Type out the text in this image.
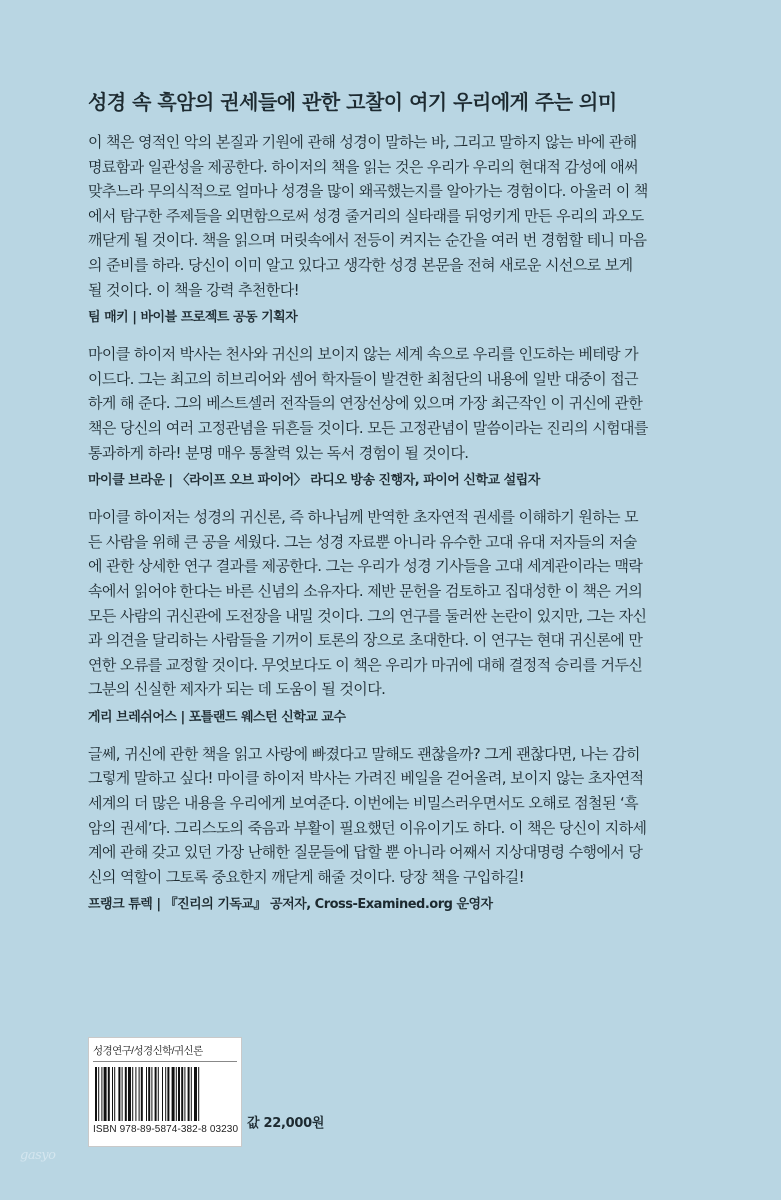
성경 속 흑암의 권세들에 관한 고찰이 여기 우리에게 주는 의미
이 책은 영적인 악의 본질과 기원에 관해 성경이 말하는 바, 그리고 말하지 않는 바에 관해
명료함과 일관성을 제공한다. 하이저의 책을 읽는 것은 우리가 우리의 현대적 감성에 애써
맞추느라 무의식적으로 얼마나 성경을 많이 왜곡했는지를 알아가는 경험이다. 아울러 이 책
에서 탐구한 주제들을 외면함으로써 성경 줄거리의 실타래를 뒤엉키게 만든 우리의 과오도
깨닫게 될 것이다. 책을 읽으며 머릿속에서 전등이 켜지는 순간을 여러 번 경험할 테니 마음
의 준비를 하라. 당신이 이미 알고 있다고 생각한 성경 본문을 전혀 새로운 시선으로 보게
될 것이다. 이 책을 강력 추천한다!
팀 매키 | 바이블 프로젝트 공동 기획자
마이클 하이저 박사는 천사와 귀신의 보이지 않는 세계 속으로 우리를 인도하는 베테랑 가
이드다. 그는 최고의 히브리어와 셈어 학자들이 발견한 최첨단의 내용에 일반 대중이 접근
하게 해 준다. 그의 베스트셀러 전작들의 연장선상에 있으며 가장 최근작인 이 귀신에 관한
책은 당신의 여러 고정관념을 뒤흔들 것이다. 모든 고정관념이 말씀이라는 진리의 시험대를
통과하게 하라! 분명 매우 통찰력 있는 독서 경험이 될 것이다.
마이클 브라운 | 〈라이프 오브 파이어〉 라디오 방송 진행자, 파이어 신학교 설립자
마이클 하이저는 성경의 귀신론, 즉 하나님께 반역한 초자연적 권세를 이해하기 원하는 모
든 사람을 위해 큰 공을 세웠다. 그는 성경 자료뿐 아니라 유수한 고대 유대 저자들의 저술
에 관한 상세한 연구 결과를 제공한다. 그는 우리가 성경 기사들을 고대 세계관이라는 맥락
속에서 읽어야 한다는 바른 신념의 소유자다. 제반 문헌을 검토하고 집대성한 이 책은 거의
모든 사람의 귀신관에 도전장을 내밀 것이다. 그의 연구를 둘러싼 논란이 있지만, 그는 자신
과 의견을 달리하는 사람들을 기꺼이 토론의 장으로 초대한다. 이 연구는 현대 귀신론에 만
연한 오류를 교정할 것이다. 무엇보다도 이 책은 우리가 마귀에 대해 결정적 승리를 거두신
그분의 신실한 제자가 되는 데 도움이 될 것이다.
게리 브레쉬어스 | 포틀랜드 웨스턴 신학교 교수
글쎄, 귀신에 관한 책을 읽고 사랑에 빠졌다고 말해도 괜찮을까? 그게 괜찮다면, 나는 감히
그렇게 말하고 싶다! 마이클 하이저 박사는 가려진 베일을 걷어올려, 보이지 않는 초자연적
세계의 더 많은 내용을 우리에게 보여준다. 이번에는 비밀스러우면서도 오해로 점철된 ‘흑
암의 권세’다. 그리스도의 죽음과 부활이 필요했던 이유이기도 하다. 이 책은 당신이 지하세
계에 관해 갖고 있던 가장 난해한 질문들에 답할 뿐 아니라 어째서 지상대명령 수행에서 당
신의 역할이 그토록 중요한지 깨닫게 해줄 것이다. 당장 책을 구입하길!
프랭크 튜렉 | 『진리의 기독교』 공저자, Cross-Examined.org 운영자
성경연구/성경신학/귀신론
ISBN 978-89-5874-382-8 03230 값 22,000원
gasyo
